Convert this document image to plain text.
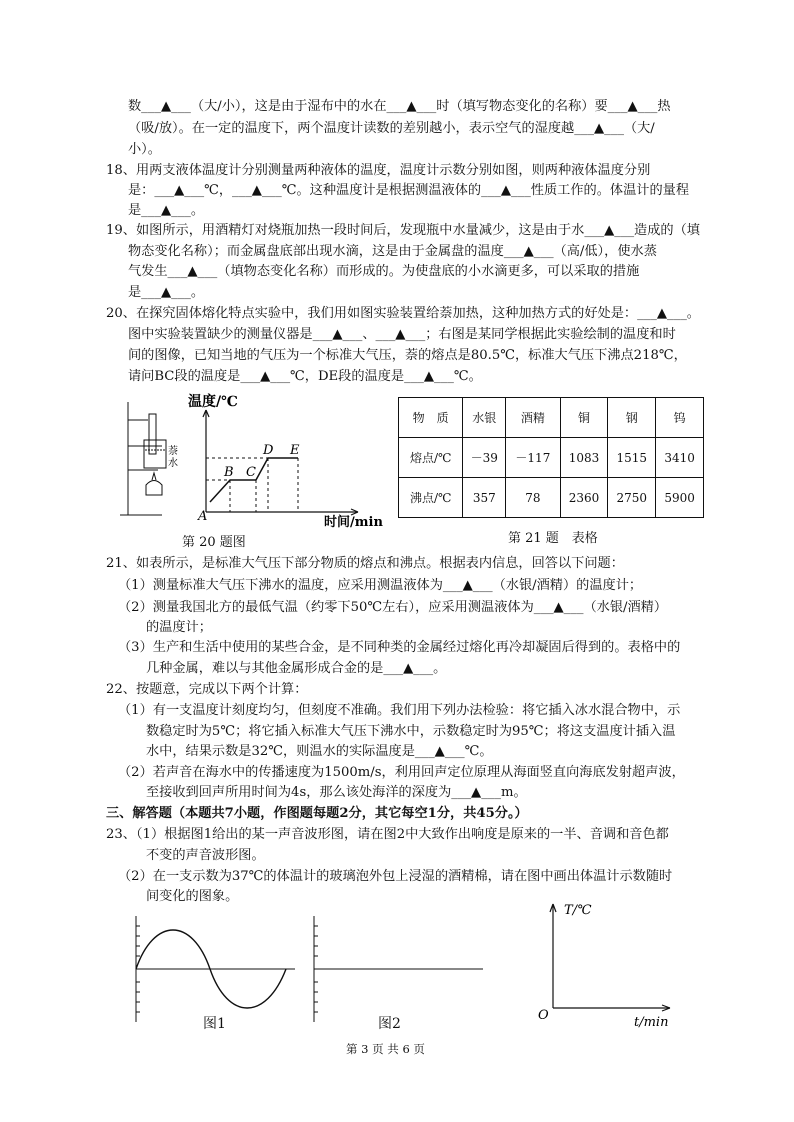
数___▲___（大/小），这是由于湿布中的水在___▲___时（填写物态变化的名称）要___▲___热
（吸/放）。在一定的温度下，两个温度计读数的差别越小，表示空气的湿度越___▲___（大/
小）。
18、用两支液体温度计分别测量两种液体的温度，温度计示数分别如图，则两种液体温度分别
是：___▲___℃，___▲___℃。这种温度计是根据测温液体的___▲___性质工作的。体温计的量程
是___▲___。
19、如图所示，用酒精灯对烧瓶加热一段时间后，发现瓶中水量减少，这是由于水___▲___造成的（填
物态变化名称）；而金属盘底部出现水滴，这是由于金属盘的温度___▲___（高/低），使水蒸
气发生___▲___（填物态变化名称）而形成的。为使盘底的小水滴更多，可以采取的措施
是___▲___。
20、在探究固体熔化特点实验中，我们用如图实验装置给萘加热，这种加热方式的好处是：___▲___。
图中实验装置缺少的测量仪器是___▲___、___▲___；右图是某同学根据此实验绘制的温度和时
间的图像，已知当地的气压为一个标准大气压，萘的熔点是80.5℃，标准大气压下沸点218℃，
请问BC段的温度是___▲___℃，DE段的温度是___▲___℃。
萘
水
温度/℃
A
B C
D E
时间/min
第 20 题图
物　质	水银	酒精	铜	钢	钨
熔点/℃	－39	－117	1083	1515	3410
沸点/℃	357	78	2360	2750	5900
第 21 题　表格
21、如表所示，是标准大气压下部分物质的熔点和沸点。根据表内信息，回答以下问题：
（1）测量标准大气压下沸水的温度，应采用测温液体为___▲___（水银/酒精）的温度计；
（2）测量我国北方的最低气温（约零下50℃左右），应采用测温液体为___▲___（水银/酒精）
的温度计；
（3）生产和生活中使用的某些合金，是不同种类的金属经过熔化再冷却凝固后得到的。表格中的
几种金属，难以与其他金属形成合金的是___▲___。
22、按题意，完成以下两个计算：
（1）有一支温度计刻度均匀，但刻度不准确。我们用下列办法检验：将它插入冰水混合物中，示
数稳定时为5℃；将它插入标准大气压下沸水中，示数稳定时为95℃；将这支温度计插入温
水中，结果示数是32℃，则温水的实际温度是___▲___℃。
（2）若声音在海水中的传播速度为1500m/s，利用回声定位原理从海面竖直向海底发射超声波，
至接收到回声所用时间为4s，那么该处海洋的深度为___▲___m。
三、解答题（本题共7小题，作图题每题2分，其它每空1分，共45分。）
23、（1）根据图1给出的某一声音波形图，请在图2中大致作出响度是原来的一半、音调和音色都
不变的声音波形图。
（2）在一支示数为37℃的体温计的玻璃泡外包上浸湿的酒精棉，请在图中画出体温计示数随时
间变化的图象。
图1	图2
T/℃
O	t/min
第 3 页 共 6 页
